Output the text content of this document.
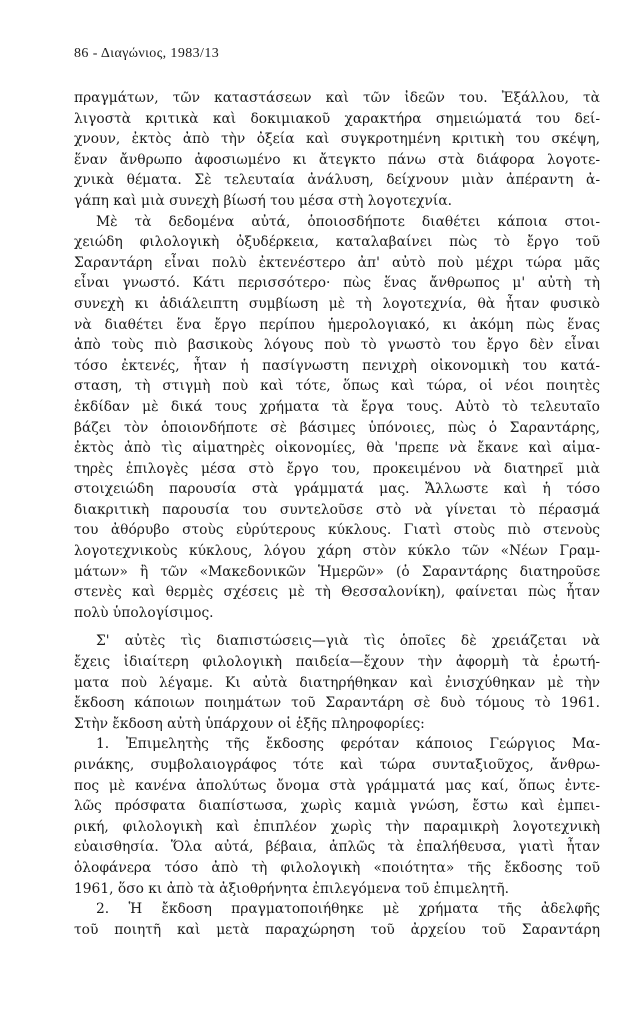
86 - Διαγώνιος, 1983/13
πραγμάτων, τῶν καταστάσεων καὶ τῶν ἰδεῶν του. Ἐξάλλου, τὰ
λιγοστὰ κριτικὰ καὶ δοκιμιακοῦ χαρακτήρα σημειώματά του δεί-
χνουν, ἐκτὸς ἀπὸ τὴν ὀξεία καὶ συγκροτημένη κριτικὴ του σκέψη,
ἕναν ἄνθρωπο ἀφοσιωμένο κι ἄτεγκτο πάνω στὰ διάφορα λογοτε-
χνικὰ θέματα. Σὲ τελευταία ἀνάλυση, δείχνουν μιὰν ἀπέραντη ἀ-
γάπη καὶ μιὰ συνεχὴ βίωσή του μέσα στὴ λογοτεχνία.
Μὲ τὰ δεδομένα αὐτά, ὁποιοσδήποτε διαθέτει κάποια στοι-
χειώδη φιλολογικὴ ὀξυδέρκεια, καταλαβαίνει πὼς τὸ ἔργο τοῦ
Σαραντάρη εἶναι πολὺ ἐκτενέστερο ἀπ' αὐτὸ ποὺ μέχρι τώρα μᾶς
εἶναι γνωστό. Κάτι περισσότερο· πὼς ἕνας ἄνθρωπος μ' αὐτὴ τὴ
συνεχὴ κι ἀδιάλειπτη συμβίωση μὲ τὴ λογοτεχνία, θὰ ἦταν φυσικὸ
νὰ διαθέτει ἕνα ἔργο περίπου ἡμερολογιακό, κι ἀκόμη πὼς ἕνας
ἀπὸ τοὺς πιὸ βασικοὺς λόγους ποὺ τὸ γνωστὸ του ἔργο δὲν εἶναι
τόσο ἐκτενές, ἦταν ἡ πασίγνωστη πενιχρὴ οἰκονομικὴ του κατά-
σταση, τὴ στιγμὴ ποὺ καὶ τότε, ὅπως καὶ τώρα, οἱ νέοι ποιητὲς
ἐκδίδαν μὲ δικά τους χρήματα τὰ ἔργα τους. Αὐτὸ τὸ τελευταῖο
βάζει τὸν ὁποιονδήποτε σὲ βάσιμες ὑπόνοιες, πὼς ὁ Σαραντάρης,
ἐκτὸς ἀπὸ τὶς αἱματηρὲς οἰκονομίες, θὰ 'πρεπε νὰ ἔκανε καὶ αἱμα-
τηρὲς ἐπιλογὲς μέσα στὸ ἔργο του, προκειμένου νὰ διατηρεῖ μιὰ
στοιχειώδη παρουσία στὰ γράμματά μας. Ἄλλωστε καὶ ἡ τόσο
διακριτικὴ παρουσία του συντελοῦσε στὸ νὰ γίνεται τὸ πέρασμά
του ἀθόρυβο στοὺς εὐρύτερους κύκλους. Γιατὶ στοὺς πιὸ στενοὺς
λογοτεχνικοὺς κύκλους, λόγου χάρη στὸν κύκλο τῶν «Νέων Γραμ-
μάτων» ἢ τῶν «Μακεδονικῶν Ἡμερῶν» (ὁ Σαραντάρης διατηροῦσε
στενὲς καὶ θερμὲς σχέσεις μὲ τὴ Θεσσαλονίκη), φαίνεται πὼς ἦταν
πολὺ ὑπολογίσιμος.
Σ' αὐτὲς τὶς διαπιστώσεις—γιὰ τὶς ὁποῖες δὲ χρειάζεται νὰ
ἔχεις ἰδιαίτερη φιλολογικὴ παιδεία—ἔχουν τὴν ἀφορμὴ τὰ ἐρωτή-
ματα ποὺ λέγαμε. Κι αὐτὰ διατηρήθηκαν καὶ ἐνισχύθηκαν μὲ τὴν
ἔκδοση κάποιων ποιημάτων τοῦ Σαραντάρη σὲ δυὸ τόμους τὸ 1961.
Στὴν ἔκδοση αὐτὴ ὑπάρχουν οἱ ἑξῆς πληροφορίες:
1. Ἐπιμελητὴς τῆς ἔκδοσης φερόταν κάποιος Γεώργιος Μα-
ρινάκης, συμβολαιογράφος τότε καὶ τώρα συνταξιοῦχος, ἄνθρω-
πος μὲ κανένα ἀπολύτως ὄνομα στὰ γράμματά μας καί, ὅπως ἐντε-
λῶς πρόσφατα διαπίστωσα, χωρὶς καμιὰ γνώση, ἔστω καὶ ἐμπει-
ρική, φιλολογικὴ καὶ ἐπιπλέον χωρὶς τὴν παραμικρὴ λογοτεχνικὴ
εὐαισθησία. Ὅλα αὐτά, βέβαια, ἁπλῶς τὰ ἐπαλήθευσα, γιατὶ ἦταν
ὁλοφάνερα τόσο ἀπὸ τὴ φιλολογικὴ «ποιότητα» τῆς ἔκδοσης τοῦ
1961, ὅσο κι ἀπὸ τὰ ἀξιοθρήνητα ἐπιλεγόμενα τοῦ ἐπιμελητῆ.
2. Ἡ ἔκδοση πραγματοποιήθηκε μὲ χρήματα τῆς ἀδελφῆς
τοῦ ποιητῆ καὶ μετὰ παραχώρηση τοῦ ἀρχείου τοῦ Σαραντάρη
